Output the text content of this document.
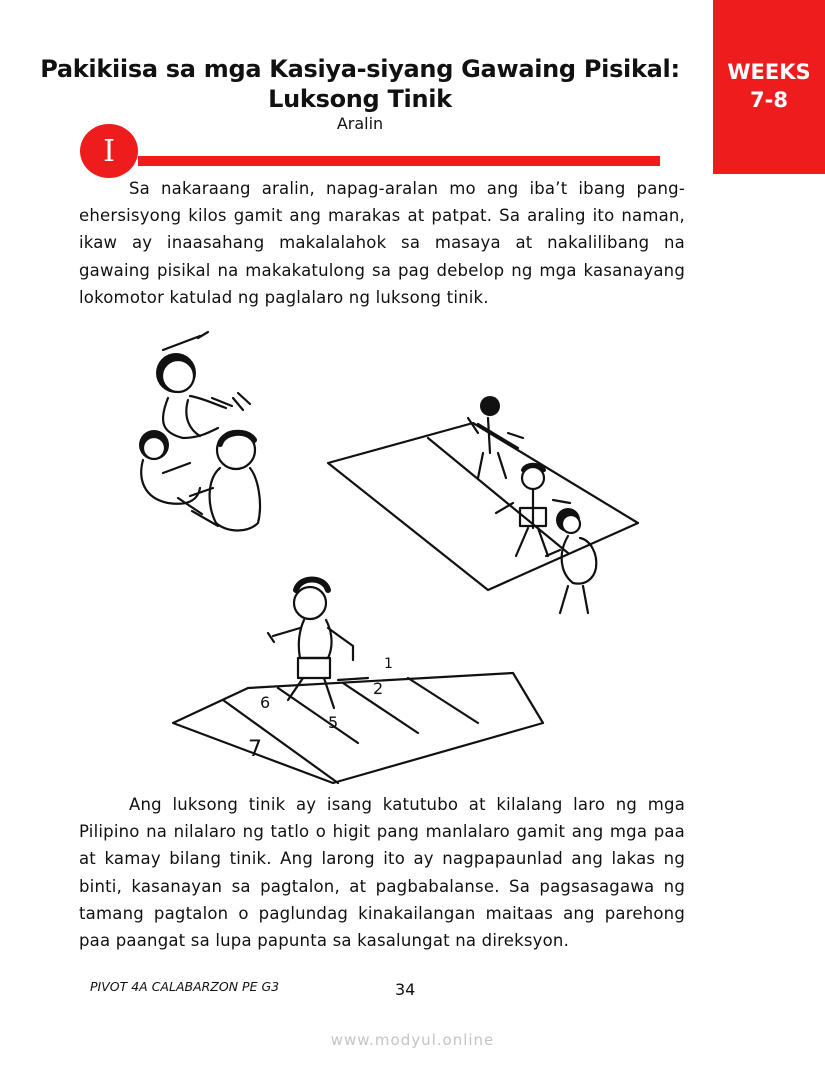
WEEKS
7-8
Pakikiisa sa mga Kasiya-siyang Gawaing Pisikal:
Luksong Tinik
Aralin
I

Sa nakaraang aralin, napag-aralan mo ang iba’t ibang pang-ehersisyong kilos gamit ang marakas at patpat. Sa araling ito naman, ikaw ay inaasahang makalalahok sa masaya at nakalilibang na gawaing pisikal na makakatulong sa pag debelop ng mga kasanayang lokomotor katulad ng paglalaro ng luksong tinik.

2
1
6
5
7

Ang luksong tinik ay isang katutubo at kilalang laro ng mga Pilipino na nilalaro ng tatlo o higit pang manlalaro gamit ang mga paa at kamay bilang tinik. Ang larong ito ay nagpapaunlad ang lakas ng binti, kasanayan sa pagtalon, at pagbabalanse. Sa pagsasagawa ng tamang pagtalon o paglundag kinakailangan maitaas ang parehong paa paangat sa lupa papunta sa kasalungat na direksyon.

PIVOT 4A CALABARZON PE G3	34
www.modyul.online
